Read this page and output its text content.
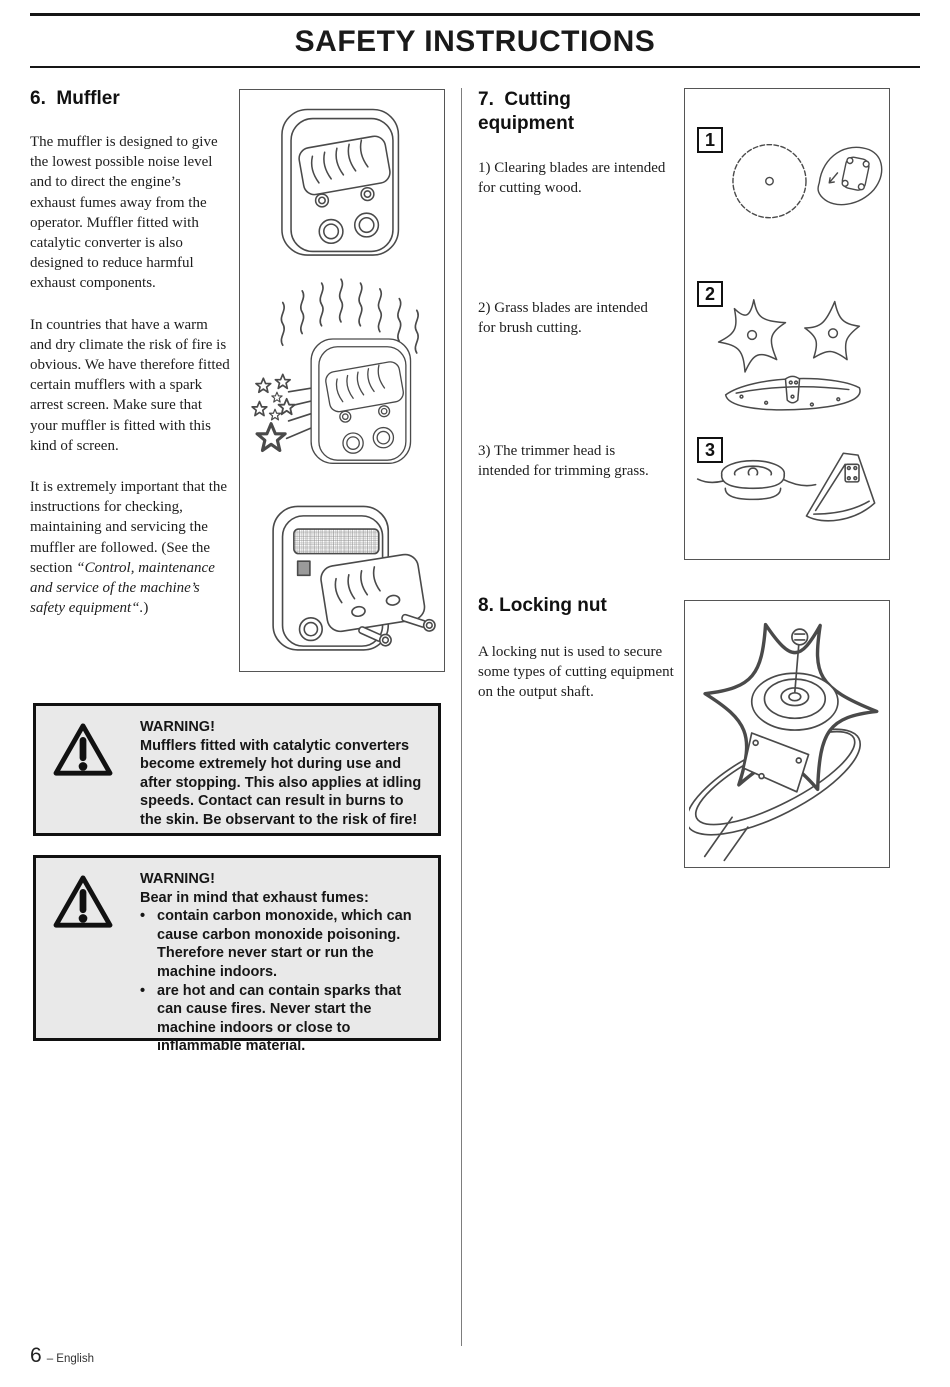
SAFETY INSTRUCTIONS
6.  Muffler

The muffler is designed to give the lowest possible noise level and to direct the engine’s exhaust fumes away from the operator. Muffler fitted with catalytic converter is also designed to reduce harmful exhaust components.

In countries that have a warm and dry climate the risk of fire is obvious. We have therefore fitted certain mufflers with a spark arrest screen. Make sure that your muffler is fitted with this kind of screen.

It is extremely important that the instructions for checking, maintaining and servicing the muffler are followed. (See the section “Control, maintenance and service of the machine’s safety equipment“.)

WARNING!
Mufflers fitted with catalytic converters become extremely hot during use and after stopping. This also applies at idling speeds. Contact can result in burns to the skin. Be observant to the risk of fire!
WARNING!
Bear in mind that exhaust fumes:
• contain carbon monoxide, which can cause carbon monoxide poisoning. Therefore never start or run the machine indoors.
• are hot and can contain sparks that can cause fires. Never start the machine indoors or close to inflammable material.
7.  Cutting equipment
1) Clearing blades are intended for cutting wood.
2) Grass blades are intended for brush cutting.
3) The trimmer head is intended for trimming grass.
1
2
3
8. Locking nut
A locking nut is used to secure some types of cutting equipment on the output shaft.
6 – English
